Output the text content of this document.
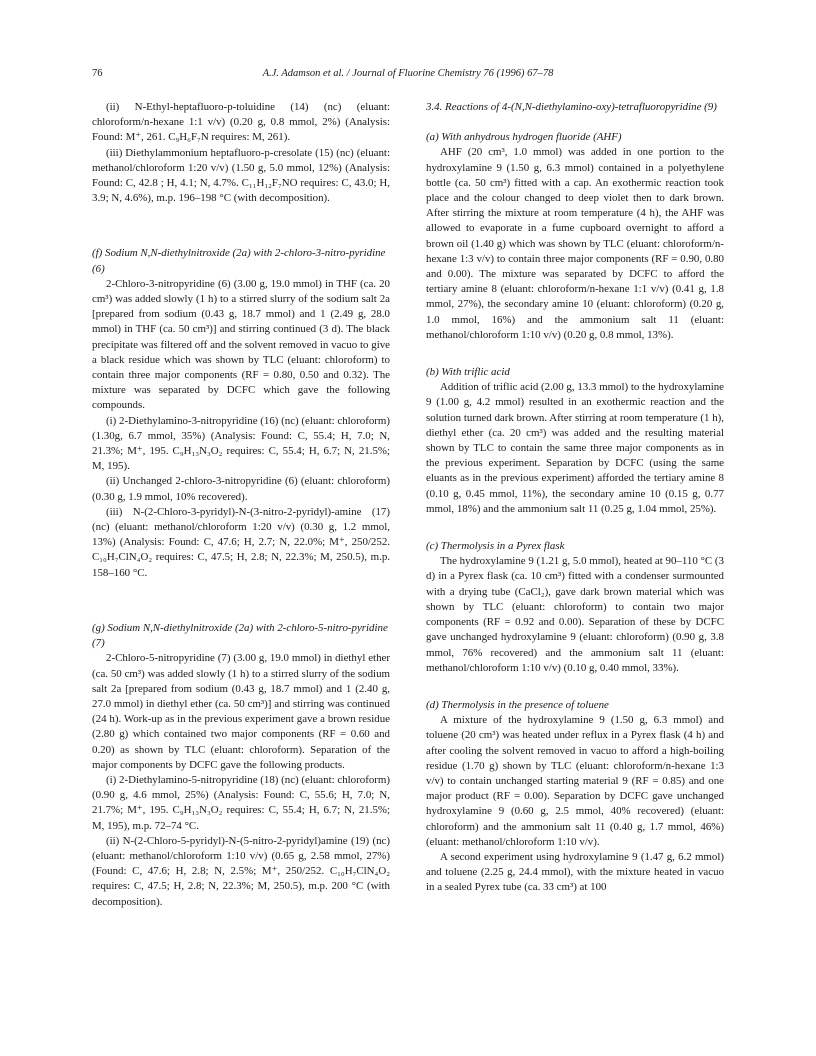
76	A.J. Adamson et al. / Journal of Fluorine Chemistry 76 (1996) 67–78

(ii) N-Ethyl-heptafluoro-p-toluidine (14) (nc) (eluant: chloroform/n-hexane 1:1 v/v) (0.20 g, 0.8 mmol, 2%) (Analysis: Found: M⁺, 261. C₉H₆F₇N requires: M, 261).

(iii) Diethylammonium heptafluoro-p-cresolate (15) (nc) (eluant: methanol/chloroform 1:20 v/v) (1.50 g, 5.0 mmol, 12%) (Analysis: Found: C, 42.8 ; H, 4.1; N, 4.7%. C₁₁H₁₂F₇NO requires: C, 43.0; H, 3.9; N, 4.6%), m.p. 196–198 °C (with decomposition).

(f) Sodium N,N-diethylnitroxide (2a) with 2-chloro-3-nitro-pyridine (6)

2-Chloro-3-nitropyridine (6) (3.00 g, 19.0 mmol) in THF (ca. 20 cm³) was added slowly (1 h) to a stirred slurry of the sodium salt 2a [prepared from sodium (0.43 g, 18.7 mmol) and 1 (2.49 g, 28.0 mmol) in THF (ca. 50 cm³)] and stirring continued (3 d). The black precipitate was filtered off and the solvent removed in vacuo to give a black residue which was shown by TLC (eluant: chloroform) to contain three major components (RF = 0.80, 0.50 and 0.32). The mixture was separated by DCFC which gave the following compounds.

(i) 2-Diethylamino-3-nitropyridine (16) (nc) (eluant: chloroform) (1.30g, 6.7 mmol, 35%) (Analysis: Found: C, 55.4; H, 7.0; N, 21.3%; M⁺, 195. C₉H₁₃N₃O₂ requires: C, 55.4; H, 6.7; N, 21.5%; M, 195).

(ii) Unchanged 2-chloro-3-nitropyridine (6) (eluant: chloroform) (0.30 g, 1.9 mmol, 10% recovered).

(iii) N-(2-Chloro-3-pyridyl)-N-(3-nitro-2-pyridyl)-amine (17) (nc) (eluant: methanol/chloroform 1:20 v/v) (0.30 g, 1.2 mmol, 13%) (Analysis: Found: C, 47.6; H, 2.7; N, 22.0%; M⁺, 250/252. C₁₀H₇ClN₄O₂ requires: C, 47.5; H, 2.8; N, 22.3%; M, 250.5), m.p. 158–160 °C.

(g) Sodium N,N-diethylnitroxide (2a) with 2-chloro-5-nitro-pyridine (7)

2-Chloro-5-nitropyridine (7) (3.00 g, 19.0 mmol) in diethyl ether (ca. 50 cm³) was added slowly (1 h) to a stirred slurry of the sodium salt 2a [prepared from sodium (0.43 g, 18.7 mmol) and 1 (2.40 g, 27.0 mmol) in diethyl ether (ca. 50 cm³)] and stirring was continued (24 h). Work-up as in the previous experiment gave a brown residue (2.80 g) which contained two major components (RF = 0.60 and 0.20) as shown by TLC (eluant: chloroform). Separation of the major components by DCFC gave the following products.

(i) 2-Diethylamino-5-nitropyridine (18) (nc) (eluant: chloroform) (0.90 g, 4.6 mmol, 25%) (Analysis: Found: C, 55.6; H, 7.0; N, 21.7%; M⁺, 195. C₉H₁₃N₃O₂ requires: C, 55.4; H, 6.7; N, 21.5%; M, 195), m.p. 72–74 °C.

(ii) N-(2-Chloro-5-pyridyl)-N-(5-nitro-2-pyridyl)amine (19) (nc) (eluant: methanol/chloroform 1:10 v/v) (0.65 g, 2.58 mmol, 27%) (Found: C, 47.6; H, 2.8; N, 2.5%; M⁺, 250/252. C₁₀H₇ClN₄O₂ requires: C, 47.5; H, 2.8; N, 22.3%; M, 250.5), m.p. 200 °C (with decomposition).

3.4. Reactions of 4-(N,N-diethylamino-oxy)-tetrafluoropyridine (9)

(a) With anhydrous hydrogen fluoride (AHF)

AHF (20 cm³, 1.0 mmol) was added in one portion to the hydroxylamine 9 (1.50 g, 6.3 mmol) contained in a polyethylene bottle (ca. 50 cm³) fitted with a cap. An exothermic reaction took place and the colour changed to deep violet then to dark brown. After stirring the mixture at room temperature (4 h), the AHF was allowed to evaporate in a fume cupboard overnight to afford a brown oil (1.40 g) which was shown by TLC (eluant: chloroform/n-hexane 1:3 v/v) to contain three major components (RF = 0.90, 0.80 and 0.00). The mixture was separated by DCFC to afford the tertiary amine 8 (eluant: chloroform/n-hexane 1:1 v/v) (0.41 g, 1.8 mmol, 27%), the secondary amine 10 (eluant: chloroform) (0.20 g, 1.0 mmol, 16%) and the ammonium salt 11 (eluant: methanol/chloroform 1:10 v/v) (0.20 g, 0.8 mmol, 13%).

(b) With triflic acid

Addition of triflic acid (2.00 g, 13.3 mmol) to the hydroxylamine 9 (1.00 g, 4.2 mmol) resulted in an exothermic reaction and the solution turned dark brown. After stirring at room temperature (1 h), diethyl ether (ca. 20 cm³) was added and the resulting material shown by TLC to contain the same three major components as in the previous experiment. Separation by DCFC (using the same eluants as in the previous experiment) afforded the tertiary amine 8 (0.10 g, 0.45 mmol, 11%), the secondary amine 10 (0.15 g, 0.77 mmol, 18%) and the ammonium salt 11 (0.25 g, 1.04 mmol, 25%).

(c) Thermolysis in a Pyrex flask

The hydroxylamine 9 (1.21 g, 5.0 mmol), heated at 90–110 °C (3 d) in a Pyrex flask (ca. 10 cm³) fitted with a condenser surmounted with a drying tube (CaCl₂), gave dark brown material which was shown by TLC (eluant: chloroform) to contain two major components (RF = 0.92 and 0.00). Separation of these by DCFC gave unchanged hydroxylamine 9 (eluant: chloroform) (0.90 g, 3.8 mmol, 76% recovered) and the ammonium salt 11 (eluant: methanol/chloroform 1:10 v/v) (0.10 g, 0.40 mmol, 33%).

(d) Thermolysis in the presence of toluene

A mixture of the hydroxylamine 9 (1.50 g, 6.3 mmol) and toluene (20 cm³) was heated under reflux in a Pyrex flask (4 h) and after cooling the solvent removed in vacuo to afford a high-boiling residue (1.70 g) shown by TLC (eluant: chloroform/n-hexane 1:3 v/v) to contain unchanged starting material 9 (RF = 0.85) and one major product (RF = 0.00). Separation by DCFC gave unchanged hydroxylamine 9 (0.60 g, 2.5 mmol, 40% recovered) (eluant: chloroform) and the ammonium salt 11 (0.40 g, 1.7 mmol, 46%) (eluant: methanol/chloroform 1:10 v/v).

A second experiment using hydroxylamine 9 (1.47 g, 6.2 mmol) and toluene (2.25 g, 24.4 mmol), with the mixture heated in vacuo in a sealed Pyrex tube (ca. 33 cm³) at 100
